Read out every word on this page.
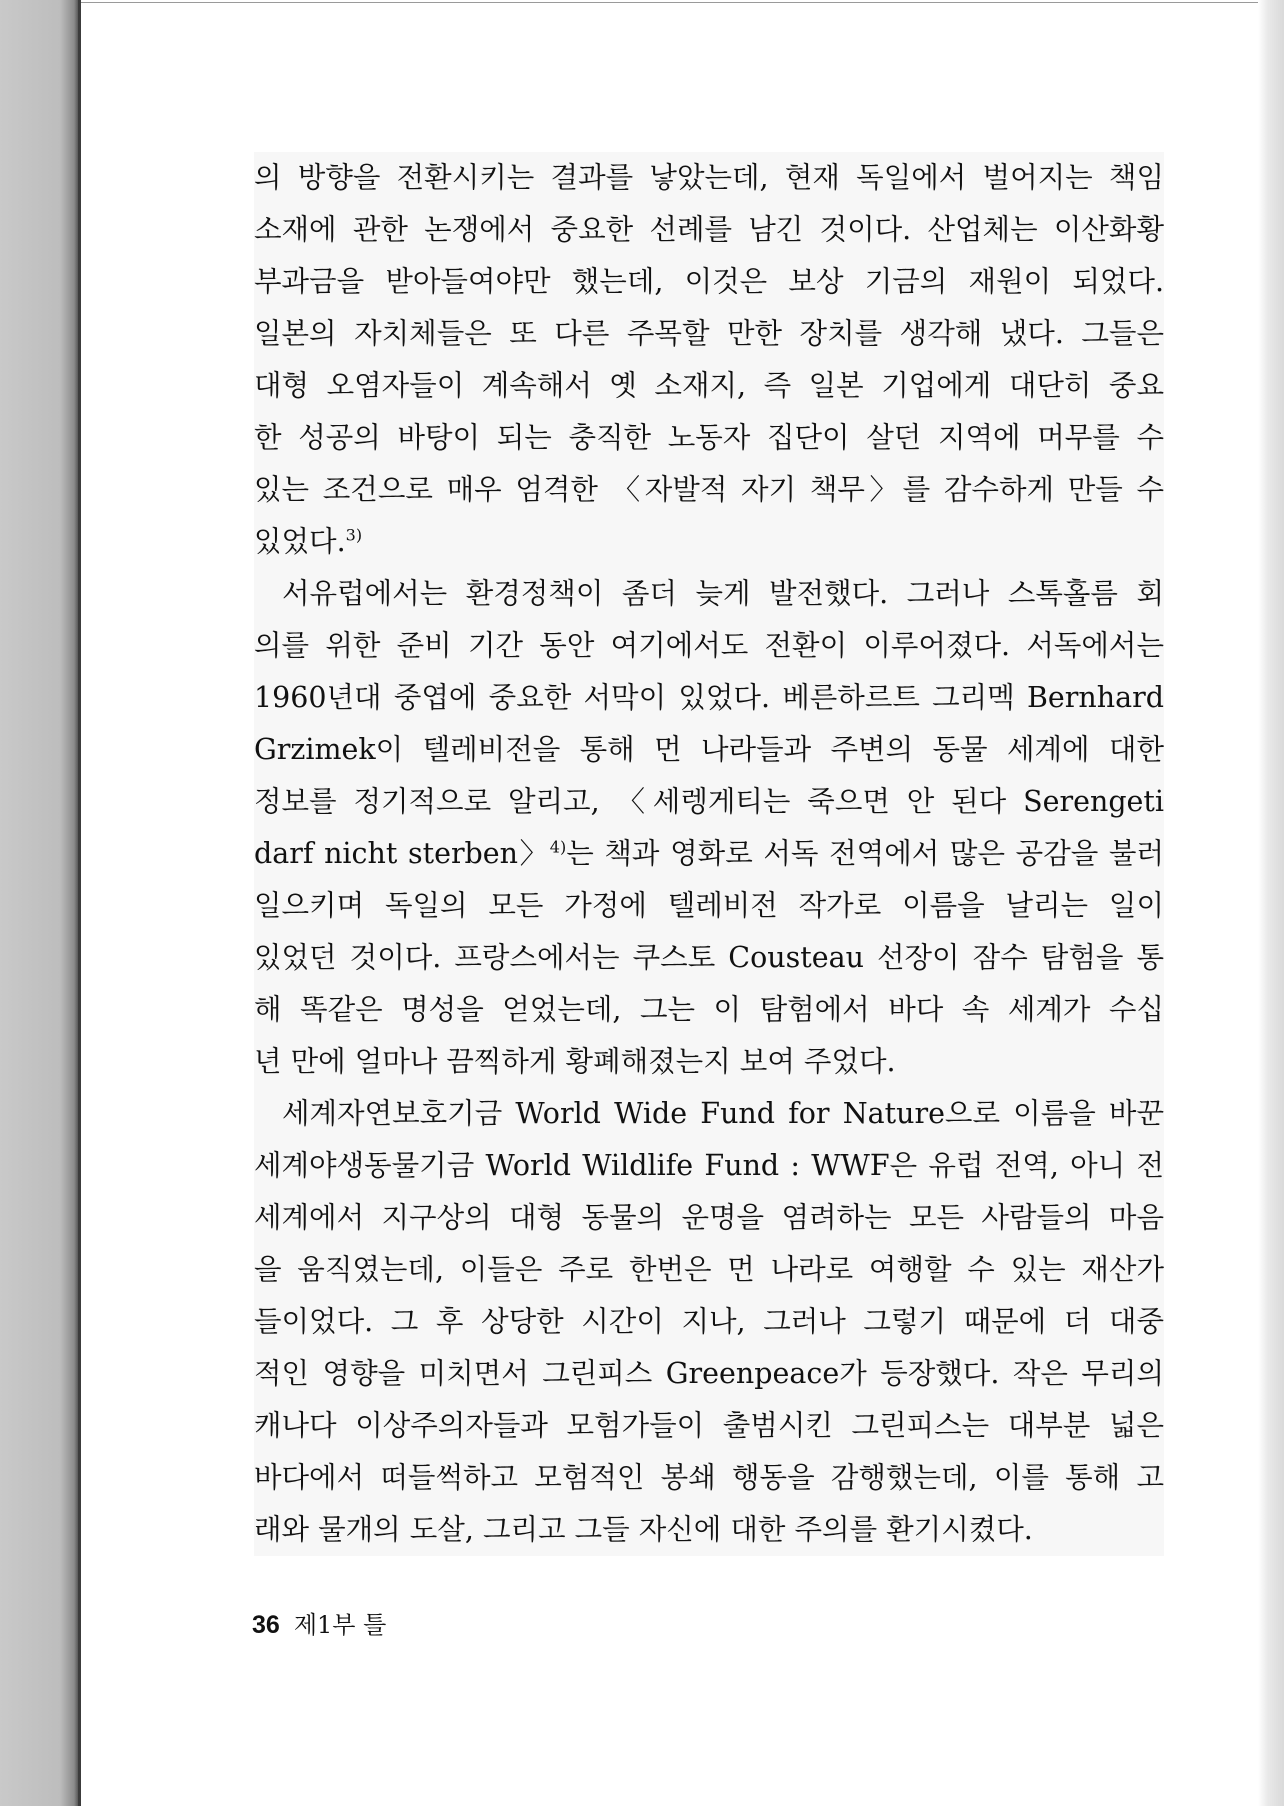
의 방향을 전환시키는 결과를 낳았는데, 현재 독일에서 벌어지는 책임
소재에 관한 논쟁에서 중요한 선례를 남긴 것이다. 산업체는 이산화황
부과금을 받아들여야만 했는데, 이것은 보상 기금의 재원이 되었다.
일본의 자치체들은 또 다른 주목할 만한 장치를 생각해 냈다. 그들은
대형 오염자들이 계속해서 옛 소재지, 즉 일본 기업에게 대단히 중요
한 성공의 바탕이 되는 충직한 노동자 집단이 살던 지역에 머무를 수
있는 조건으로 매우 엄격한 〈자발적 자기 책무〉를 감수하게 만들 수
있었다.$^{3)}$
서유럽에서는 환경정책이 좀더 늦게 발전했다. 그러나 스톡홀름 회
의를 위한 준비 기간 동안 여기에서도 전환이 이루어졌다. 서독에서는
1960년대 중엽에 중요한 서막이 있었다. 베른하르트 그리멕 Bernhard
Grzimek이 텔레비전을 통해 먼 나라들과 주변의 동물 세계에 대한
정보를 정기적으로 알리고, 〈세렝게티는 죽으면 안 된다 Serengeti
darf nicht sterben〉$^{4)}$는 책과 영화로 서독 전역에서 많은 공감을 불러
일으키며 독일의 모든 가정에 텔레비전 작가로 이름을 날리는 일이
있었던 것이다. 프랑스에서는 쿠스토 Cousteau 선장이 잠수 탐험을 통
해 똑같은 명성을 얻었는데, 그는 이 탐험에서 바다 속 세계가 수십
년 만에 얼마나 끔찍하게 황폐해졌는지 보여 주었다.
세계자연보호기금 World Wide Fund for Nature으로 이름을 바꾼
세계야생동물기금 World Wildlife Fund : WWF은 유럽 전역, 아니 전
세계에서 지구상의 대형 동물의 운명을 염려하는 모든 사람들의 마음
을 움직였는데, 이들은 주로 한번은 먼 나라로 여행할 수 있는 재산가
들이었다. 그 후 상당한 시간이 지나, 그러나 그렇기 때문에 더 대중
적인 영향을 미치면서 그린피스 Greenpeace가 등장했다. 작은 무리의
캐나다 이상주의자들과 모험가들이 출범시킨 그린피스는 대부분 넓은
바다에서 떠들썩하고 모험적인 봉쇄 행동을 감행했는데, 이를 통해 고
래와 물개의 도살, 그리고 그들 자신에 대한 주의를 환기시켰다.
36 제1부 틀
